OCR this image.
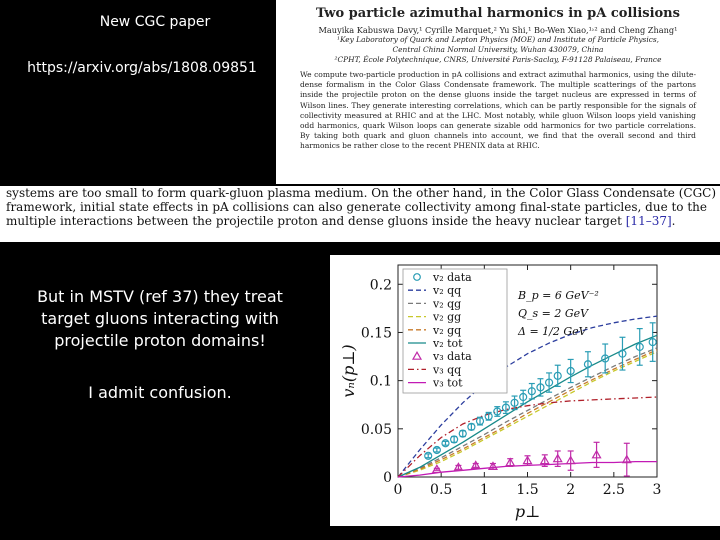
New CGC paper
https://arxiv.org/abs/1808.09851
But in MSTV (ref 37) they treat target gluons interacting with projectile proton domains!
I admit confusion.
Two particle azimuthal harmonics in pA collisions
Mauyika Kabuswa Davy,¹ Cyrille Marquet,² Yu Shi,¹ Bo-Wen Xiao,¹˒² and Cheng Zhang¹
¹Key Laboratory of Quark and Lepton Physics (MOE) and Institute of Particle Physics,
Central China Normal University, Wuhan 430079, China
²CPHT, École Polytechnique, CNRS, Université Paris-Saclay, F-91128 Palaiseau, France
We compute two-particle production in pA collisions and extract azimuthal harmonics, using the dilute-dense formalism in the Color Glass Condensate framework. The multiple scatterings of the partons inside the projectile proton on the dense gluons inside the target nucleus are expressed in terms of Wilson lines. They generate interesting correlations, which can be partly responsible for the signals of collectivity measured at RHIC and at the LHC. Most notably, while gluon Wilson loops yield vanishing odd harmonics, quark Wilson loops can generate sizable odd harmonics for two particle correlations. By taking both quark and gluon channels into account, we find that the overall second and third harmonics be rather close to the recent PHENIX data at RHIC.
systems are too small to form quark-gluon plasma medium. On the other hand, in the Color Glass Condensate (CGC)
framework, initial state effects in pA collisions can also generate collectivity among final-state particles, due to the
multiple interactions between the projectile proton and dense gluons inside the heavy nuclear target [11–37].
0 0.5 1 1.5 2 2.5 3
0
0.05
0.1
0.15
0.2
p⊥
vₙ(p⊥)
v₂ data
v₂ qq
v₂ qg
v₂ gg
v₂ gq
v₂ tot
v₃ data
v₃ qq
v₃ tot
B_p = 6 GeV⁻²
Q_s = 2 GeV
Δ = 1/2 GeV
